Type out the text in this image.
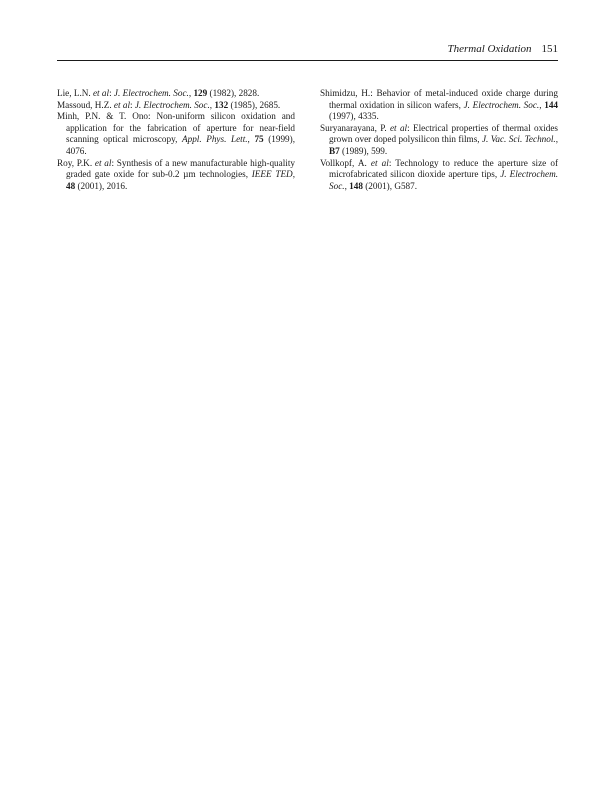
Thermal Oxidation 151

Lie, L.N. et al: J. Electrochem. Soc., 129 (1982), 2828.

Massoud, H.Z. et al: J. Electrochem. Soc., 132 (1985), 2685.

Minh, P.N. & T. Ono: Non-uniform silicon oxidation and application for the fabrication of aperture for near-field scanning optical microscopy, Appl. Phys. Lett., 75 (1999), 4076.

Roy, P.K. et al: Synthesis of a new manufacturable high-quality graded gate oxide for sub-0.2 µm technologies, IEEE TED, 48 (2001), 2016.

Shimidzu, H.: Behavior of metal-induced oxide charge during thermal oxidation in silicon wafers, J. Electrochem. Soc., 144 (1997), 4335.

Suryanarayana, P. et al: Electrical properties of thermal oxides grown over doped polysilicon thin films, J. Vac. Sci. Technol., B7 (1989), 599.

Vollkopf, A. et al: Technology to reduce the aperture size of microfabricated silicon dioxide aperture tips, J. Electrochem. Soc., 148 (2001), G587.
